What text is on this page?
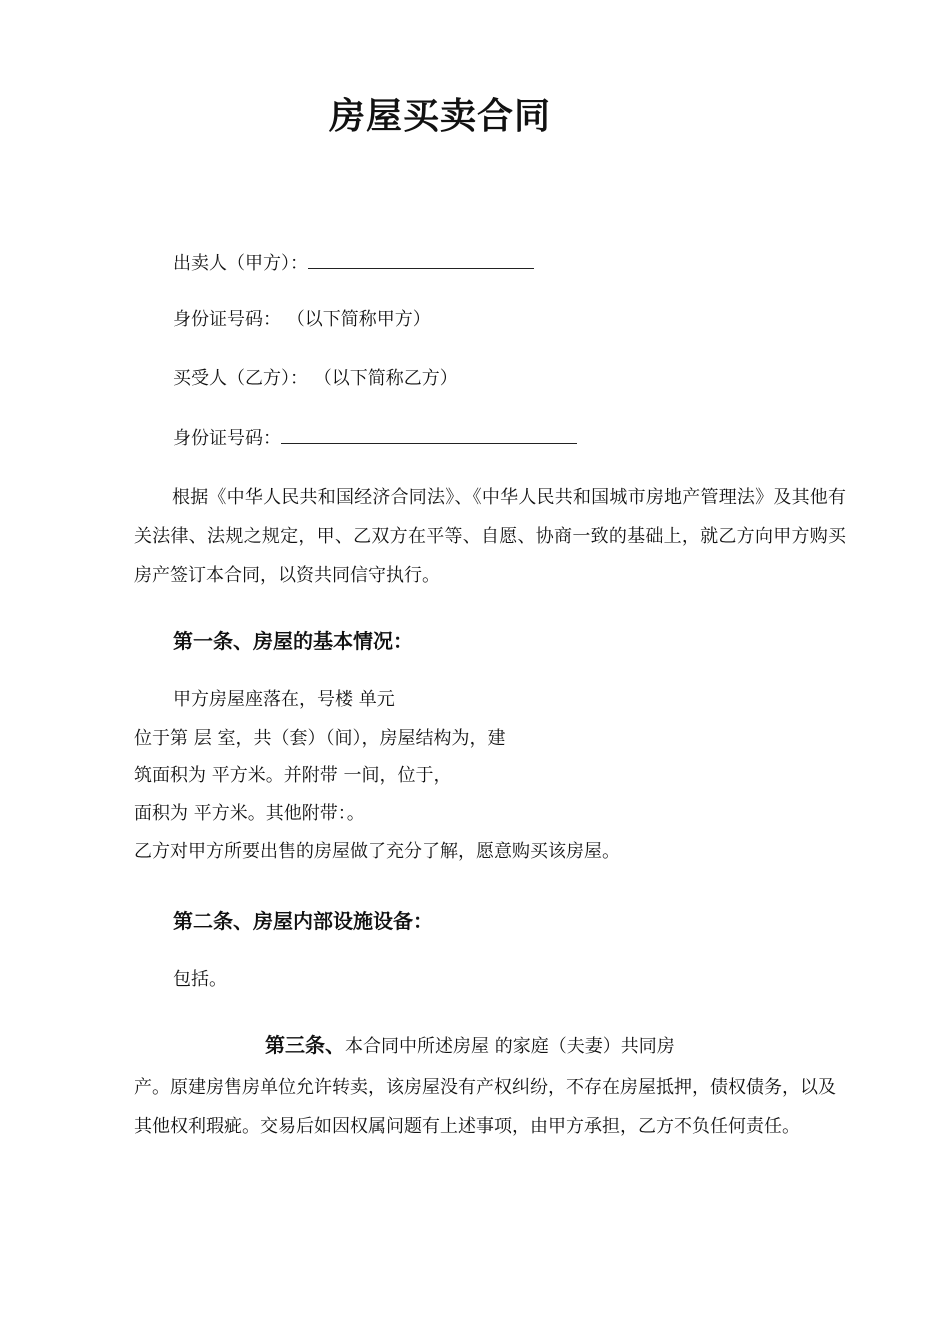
房屋买卖合同
出卖人（甲方）：
身份证号码： （以下简称甲方）
买受人（乙方）： （以下简称乙方）
身份证号码：
根据《中华人民共和国经济合同法》、《中华人民共和国城市房地产管理法》及其他有关法律、法规之规定，甲、乙双方在平等、自愿、协商一致的基础上，就乙方向甲方购买房产签订本合同，以资共同信守执行。
第一条、房屋的基本情况：
甲方房屋座落在，号楼 单元
位于第 层 室，共（套）（间），房屋结构为，建
筑面积为 平方米。并附带 一间，位于，
面积为 平方米。其他附带：。
乙方对甲方所要出售的房屋做了充分了解，愿意购买该房屋。
第二条、房屋内部设施设备：
包括。
第三条、本合同中所述房屋 的家庭（夫妻）共同房
产。原建房售房单位允许转卖，该房屋没有产权纠纷，不存在房屋抵押，债权债务，以及其他权利瑕疵。交易后如因权属问题有上述事项，由甲方承担，乙方不负任何责任。
